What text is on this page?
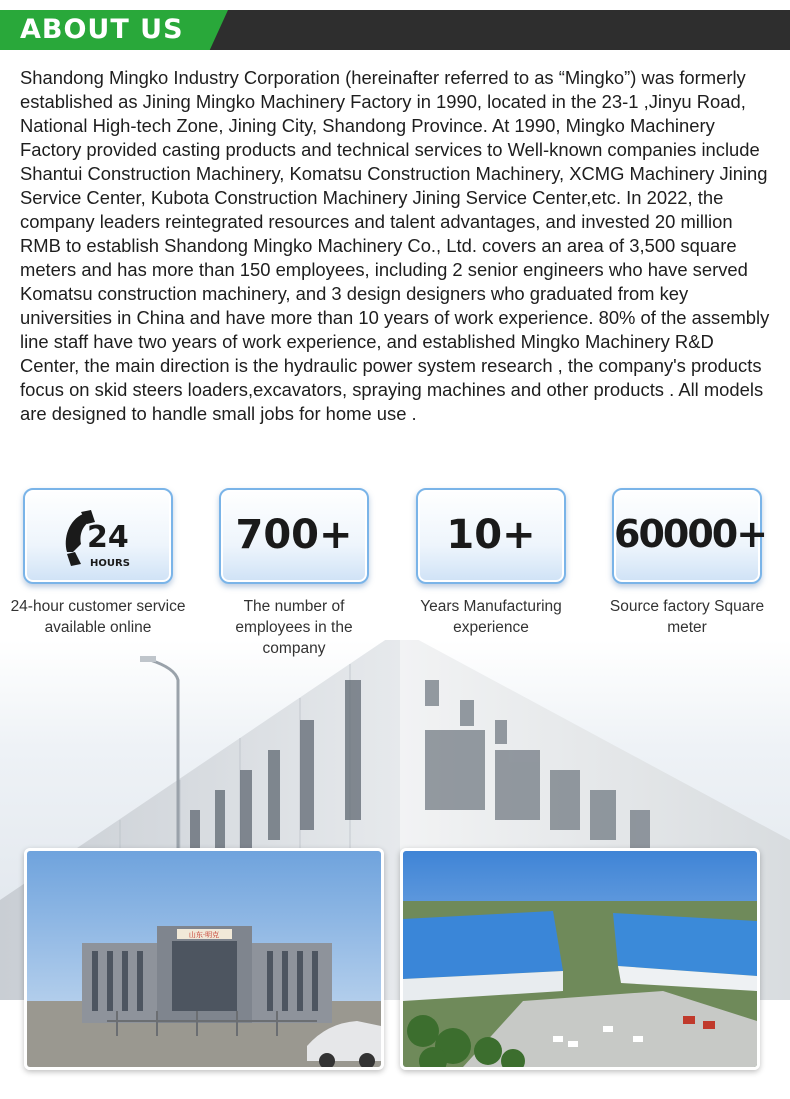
ABOUT US

Shandong Mingko Industry Corporation (hereinafter referred to as “Mingko”) was formerly established as Jining Mingko Machinery Factory in 1990, located in the 23-1 ,Jinyu Road, National High-tech Zone, Jining City, Shandong Province. At 1990, Mingko Machinery Factory provided casting products and technical services to Well-known companies include Shantui Construction Machinery, Komatsu Construction Machinery, XCMG Machinery Jining Service Center, Kubota Construction Machinery Jining Service Center,etc. In 2022, the company leaders reintegrated resources and talent advantages, and invested 20 million RMB to establish Shandong Mingko Machinery Co., Ltd. covers an area of 3,500 square meters and has more than 150 employees, including 2 senior engineers who have served Komatsu construction machinery, and 3 design designers who graduated from key universities in China and have more than 10 years of work experience. 80% of the assembly line staff have two years of work experience, and established Mingko Machinery R&D Center, the main direction is the hydraulic power system research , the company's products focus on skid steers loaders,excavators, spraying machines and other products . All models are designed to handle small jobs for home use .

24
HOURS
24-hour customer service available online
700+
The number of employees in the company
10+
Years Manufacturing experience
60000+
Source factory Square meter
山东·明克
